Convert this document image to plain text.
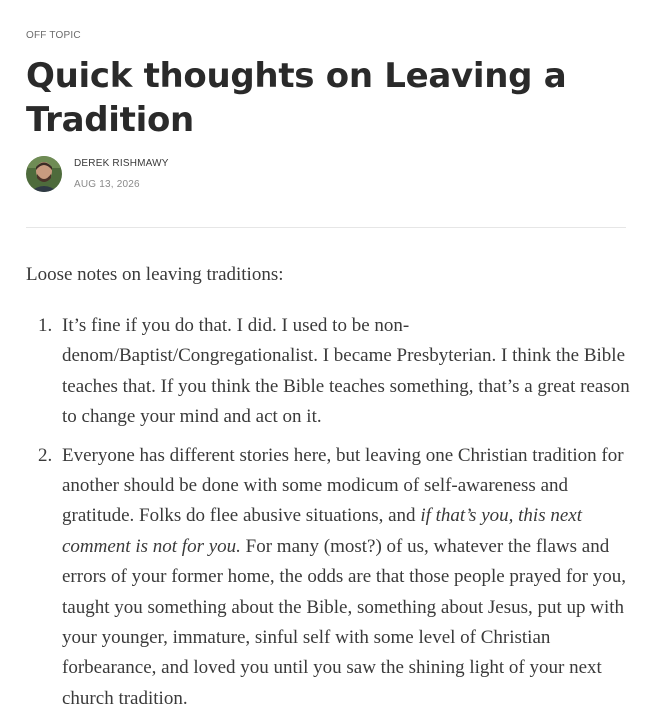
OFF TOPIC
Quick thoughts on Leaving a Tradition
DEREK RISHMAWY
AUG 13, 2026

Loose notes on leaving traditions:

1. It’s fine if you do that. I did. I used to be non-denom/Baptist/Congregationalist. I became Presbyterian. I think the Bible teaches that. If you think the Bible teaches something, that’s a great reason to change your mind and act on it.

2. Everyone has different stories here, but leaving one Christian tradition for another should be done with some modicum of self-awareness and gratitude. Folks do flee abusive situations, and if that’s you, this next comment is not for you. For many (most?) of us, whatever the flaws and errors of your former home, the odds are that those people prayed for you, taught you something about the Bible, something about Jesus, put up with your younger, immature, sinful self with some level of Christian forbearance, and loved you until you saw the shining light of your next church tradition.
